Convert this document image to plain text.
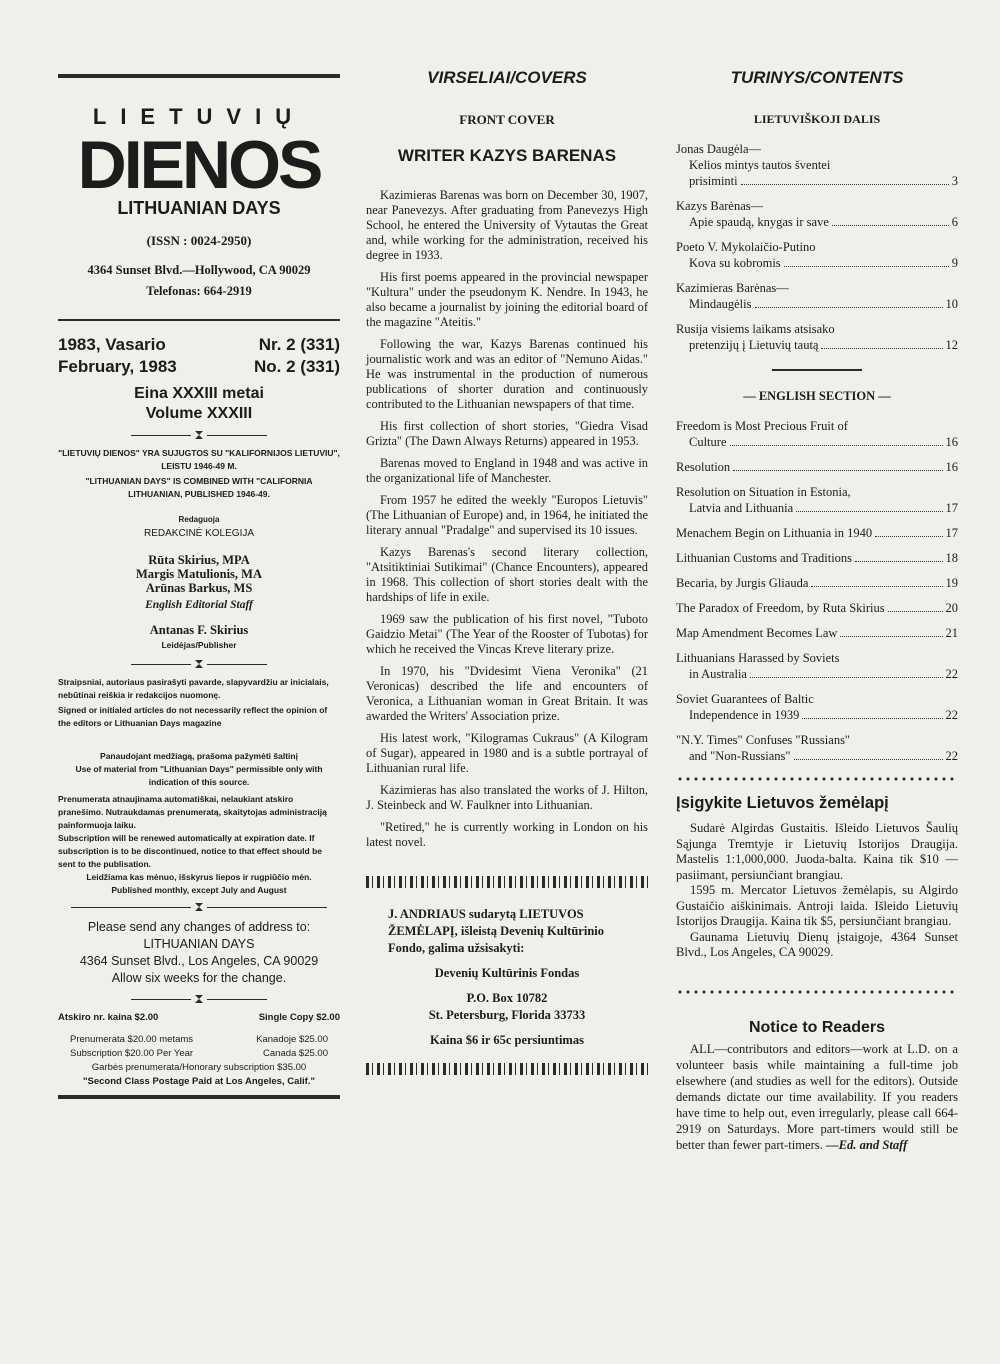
LIETUVIŲ
DIENOS
LITHUANIAN DAYS
(ISSN : 0024-2950)
4364 Sunset Blvd.—Hollywood, CA 90029
Telefonas: 664-2919
1983, Vasario	Nr. 2 (331)
February, 1983	No. 2 (331)
Eina XXXIII metai
Volume XXXIII
"LIETUVIŲ DIENOS" YRA SUJUGTOS SU "KALIFORNIJOS LIETUVIU", LEISTU 1946-49 M.
"LITHUANIAN DAYS" IS COMBINED WITH "CALIFORNIA LITHUANIAN, PUBLISHED 1946-49.
Redaguoja
REDAKCINĖ KOLEGIJA
Rūta Skirius, MPA
Margis Matulionis, MA
Arūnas Barkus, MS
English Editorial Staff
Antanas F. Skirius
Leidėjas/Publisher
Straipsniai, autoriaus pasirašyti pavarde, slapyvardžiu ar inicialais, nebūtinai reiškia ir redakcijos nuomonę.
Signed or initialed articles do not necessarily reflect the opinion of the editors or Lithuanian Days magazine
Panaudojant medžiagą, prašoma pažymėti šaltinį
Use of material from "Lithuanian Days" permissible only with indication of this source.
Prenumerata atnaujinama automatiškai, nelaukiant atskiro pranešimo. Nutraukdamas prenumeratą, skaitytojas administraciją painformuoja laiku.
Subscription will be renewed automatically at expiration date. If subscription is to be discontinued, notice to that effect should be sent to the publisation.
Leidžiama kas mėnuo, išskyrus liepos ir rugpiūčio mėn.
Published monthly, except July and August
Please send any changes of address to:
LITHUANIAN DAYS
4364 Sunset Blvd., Los Angeles, CA 90029
Allow six weeks for the change.
Atskiro nr. kaina $2.00	Single Copy $2.00
Prenumerata $20.00 metams	Kanadoje $25.00
Subscription $20.00 Per Year	Canada $25.00
Garbės prenumerata/Honorary subscription $35.00
"Second Class Postage Paid at Los Angeles, Calif."
VIRSELIAI/COVERS
FRONT COVER
WRITER KAZYS BARENAS

Kazimieras Barenas was born on December 30, 1907, near Panevezys. After graduating from Panevezys High School, he entered the University of Vytautas the Great and, while working for the administration, received his degree in 1933.

His first poems appeared in the provincial newspaper "Kultura" under the pseudonym K. Nendre. In 1943, he also became a journalist by joining the editorial board of the magazine "Ateitis."

Following the war, Kazys Barenas continued his journalistic work and was an editor of "Nemuno Aidas." He was instrumental in the production of numerous publications of shorter duration and continuously contributed to the Lithuanian newspapers of that time.

His first collection of short stories, "Giedra Visad Grizta" (The Dawn Always Returns) appeared in 1953.

Barenas moved to England in 1948 and was active in the organizational life of Manchester.

From 1957 he edited the weekly "Europos Lietuvis" (The Lithuanian of Europe) and, in 1964, he initiated the literary annual "Pradalge" and supervised its 10 issues.

Kazys Barenas's second literary collection, "Atsitiktiniai Sutikimai" (Chance Encounters), appeared in 1968. This collection of short stories dealt with the hardships of life in exile.

1969 saw the publication of his first novel, "Tuboto Gaidzio Metai" (The Year of the Rooster of Tubotas) for which he received the Vincas Kreve literary prize.

In 1970, his "Dvidesimt Viena Veronika" (21 Veronicas) described the life and encounters of Veronica, a Lithuanian woman in Great Britain. It was awarded the Writers' Association prize.

His latest work, "Kilogramas Cukraus" (A Kilogram of Sugar), appeared in 1980 and is a subtle portrayal of Lithuanian rural life.

Kazimieras has also translated the works of J. Hilton, J. Steinbeck and W. Faulkner into Lithuanian.

"Retired," he is currently working in London on his latest novel.

J. ANDRIAUS sudarytą LIETUVOS ŽEMĖLAPĮ, išleistą Devenių Kultūrinio Fondo, galima užsisakyti:
Devenių Kultūrinis Fondas
P.O. Box 10782
St. Petersburg, Florida 33733
Kaina $6 ir 65c persiuntimas
TURINYS/CONTENTS
LIETUVIŠKOJI DALIS
Jonas Daugėla—
Kelios mintys tautos šventei
prisiminti	3
Kazys Barėnas—
Apie spaudą, knygas ir save	6
Poeto V. Mykolaičio-Putino
Kova su kobromis	9
Kazimieras Barėnas—
Mindaugėlis	10
Rusija visiems laikams atsisako
pretenzijų į Lietuvių tautą	12
— ENGLISH SECTION —
Freedom is Most Precious Fruit of
Culture	16
Resolution	16
Resolution on Situation in Estonia,
Latvia and Lithuania	17
Menachem Begin on Lithuania in 1940	17
Lithuanian Customs and Traditions	18
Becaria, by Jurgis Gliauda	19
The Paradox of Freedom, by Ruta Skirius	20
Map Amendment Becomes Law	21
Lithuanians Harassed by Soviets
in Australia	22
Soviet Guarantees of Baltic
Independence in 1939	22
"N.Y. Times" Confuses "Russians"
and "Non-Russians"	22
Įsigykite Lietuvos žemėlapį

Sudarė Algirdas Gustaitis. Išleido Lietuvos Šaulių Sąjunga Tremtyje ir Lietuvių Istorijos Draugija. Mastelis 1:1,000,000. Juoda-balta. Kaina tik $10 —pasiimant, persiunčiant brangiau.

1595 m. Mercator Lietuvos žemėlapis, su Algirdo Gustaičio aiškinimais. Antroji laida. Išleido Lietuvių Istorijos Draugija. Kaina tik $5, persiunčiant brangiau.

Gaunama Lietuvių Dienų įstaigoje, 4364 Sunset Blvd., Los Angeles, CA 90029.

Notice to Readers

ALL—contributors and editors—work at L.D. on a volunteer basis while maintaining a full-time job elsewhere (and studies as well for the editors). Outside demands dictate our time availability. If you readers have time to help out, even irregularly, please call 664-2919 on Saturdays. More part-timers would still be better than fewer part-timers. —Ed. and Staff
